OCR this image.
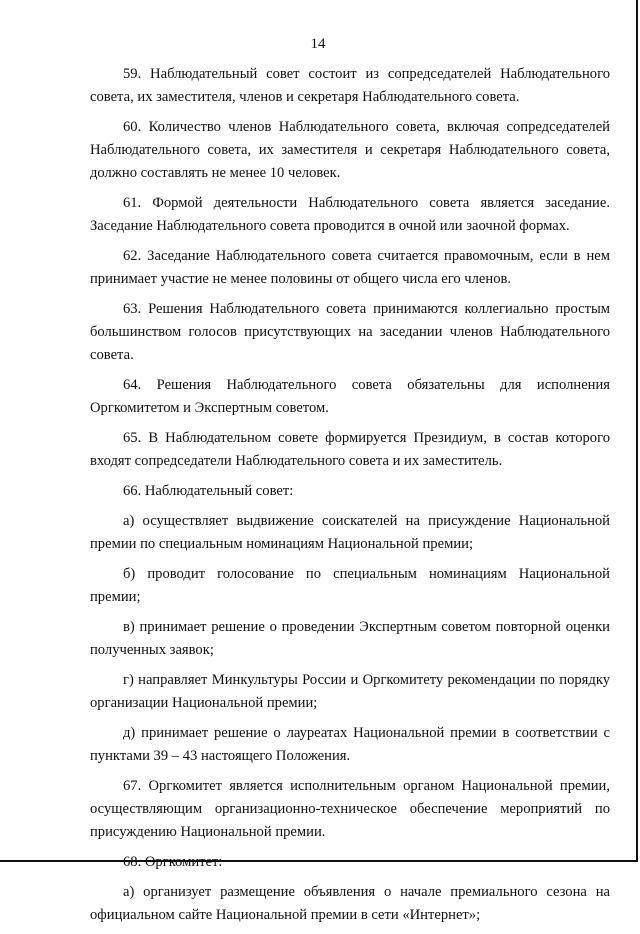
14

59. Наблюдательный совет состоит из сопредседателей Наблюдательного совета, их заместителя, членов и секретаря Наблюдательного совета.

60. Количество членов Наблюдательного совета, включая сопредседателей Наблюдательного совета, их заместителя и секретаря Наблюдательного совета, должно составлять не менее 10 человек.

61. Формой деятельности Наблюдательного совета является заседание. Заседание Наблюдательного совета проводится в очной или заочной формах.

62. Заседание Наблюдательного совета считается правомочным, если в нем принимает участие не менее половины от общего числа его членов.

63. Решения Наблюдательного совета принимаются коллегиально простым большинством голосов присутствующих на заседании членов Наблюдательного совета.

64. Решения Наблюдательного совета обязательны для исполнения Оргкомитетом и Экспертным советом.

65. В Наблюдательном совете формируется Президиум, в состав которого входят сопредседатели Наблюдательного совета и их заместитель.

66. Наблюдательный совет:

а) осуществляет выдвижение соискателей на присуждение Национальной премии по специальным номинациям Национальной премии;

б) проводит голосование по специальным номинациям Национальной премии;

в) принимает решение о проведении Экспертным советом повторной оценки полученных заявок;

г) направляет Минкультуры России и Оргкомитету рекомендации по порядку организации Национальной премии;

д) принимает решение о лауреатах Национальной премии в соответствии с пунктами 39 – 43 настоящего Положения.

67. Оргкомитет является исполнительным органом Национальной премии, осуществляющим организационно-техническое обеспечение мероприятий по присуждению Национальной премии.

68. Оргкомитет:

а) организует размещение объявления о начале премиального сезона на официальном сайте Национальной премии в сети «Интернет»;
